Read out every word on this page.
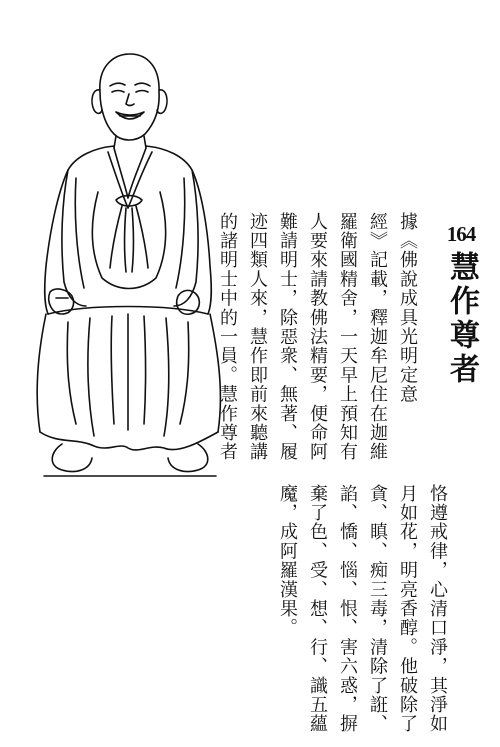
164
慧作尊者
據《佛說成具光明定意
經》記載，釋迦牟尼住在迦維
羅衛國精舍，一天早上預知有
人要來請教佛法精要，便命阿
難請明士，除惡衆、無著、履
迹四類人來，慧作即前來聽講
的諸明士中的一員。慧作尊者
恪遵戒律，心清口淨，其淨如
月如花，明亮香醇。他破除了
貪、瞋、痴三毒，清除了誑、
諂、憍、惱、恨、害六惑，摒
棄了色、受、想、行、識五蘊
魔，成阿羅漢果。
